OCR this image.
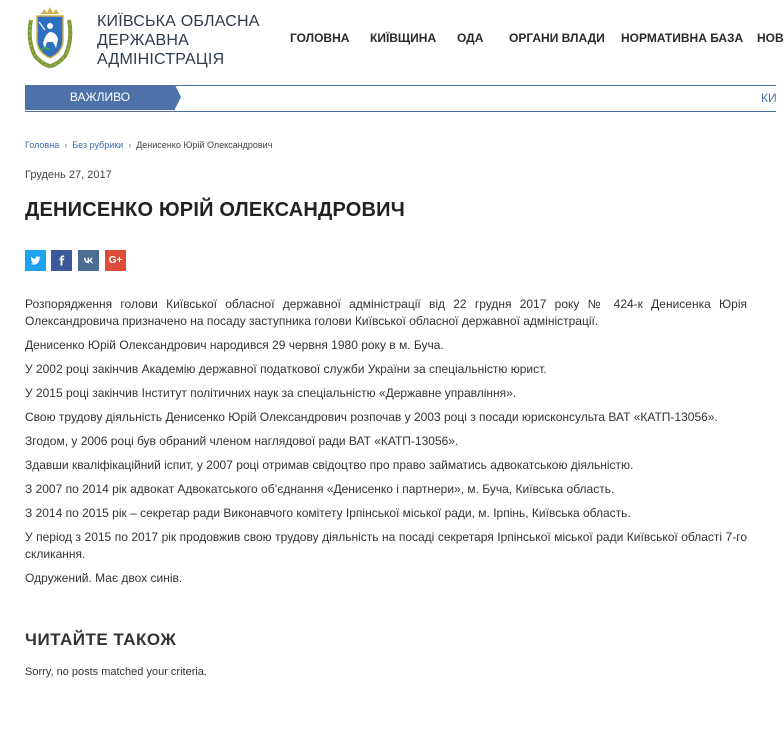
КИЇВСЬКА ОБЛАСНА
ДЕРЖАВНА
АДМІНІСТРАЦІЯ
ГОЛОВНА КИЇВЩИНА ОДА ОРГАНИ ВЛАДИ НОРМАТИВНА БАЗА НОВ
ВАЖЛИВО	КИ
Головна › Без рубрики › Денисенко Юрій Олександрович
Грудень 27, 2017
ДЕНИСЕНКО ЮРІЙ ОЛЕКСАНДРОВИЧ
G+

Розпорядження голови Київської обласної державної адміністрації від 22 грудня 2017 року № 424-к Денисенка Юрія Олександровича призначено на посаду заступника голови Київської обласної державної адміністрації.

Денисенко Юрій Олександрович народився 29 червня 1980 року в м. Буча.

У 2002 році закінчив Академію державної податкової служби України за спеціальністю юрист.

У 2015 році закінчив Інститут політичних наук за спеціальністю «Державне управління».

Свою трудову діяльність Денисенко Юрій Олександрович розпочав у 2003 році з посади юрисконсульта ВАТ «КАТП-13056».

Згодом, у 2006 році був обраний членом наглядової ради ВАТ «КАТП-13056».

Здавши кваліфікаційний іспит, у 2007 році отримав свідоцтво про право займатись адвокатською діяльністю.

З 2007 по 2014 рік адвокат Адвокатського об’єднання «Денисенко і партнери», м. Буча, Київська область.

З 2014 по 2015 рік – секретар ради Виконавчого комітету Ірпінської міської ради, м. Ірпінь, Київська область.

У період з 2015 по 2017 рік продовжив свою трудову діяльність на посаді секретаря Ірпінської міської ради Київської області 7-го скликання.

Одружений. Має двох синів.

ЧИТАЙТЕ ТАКОЖ
Sorry, no posts matched your criteria.
